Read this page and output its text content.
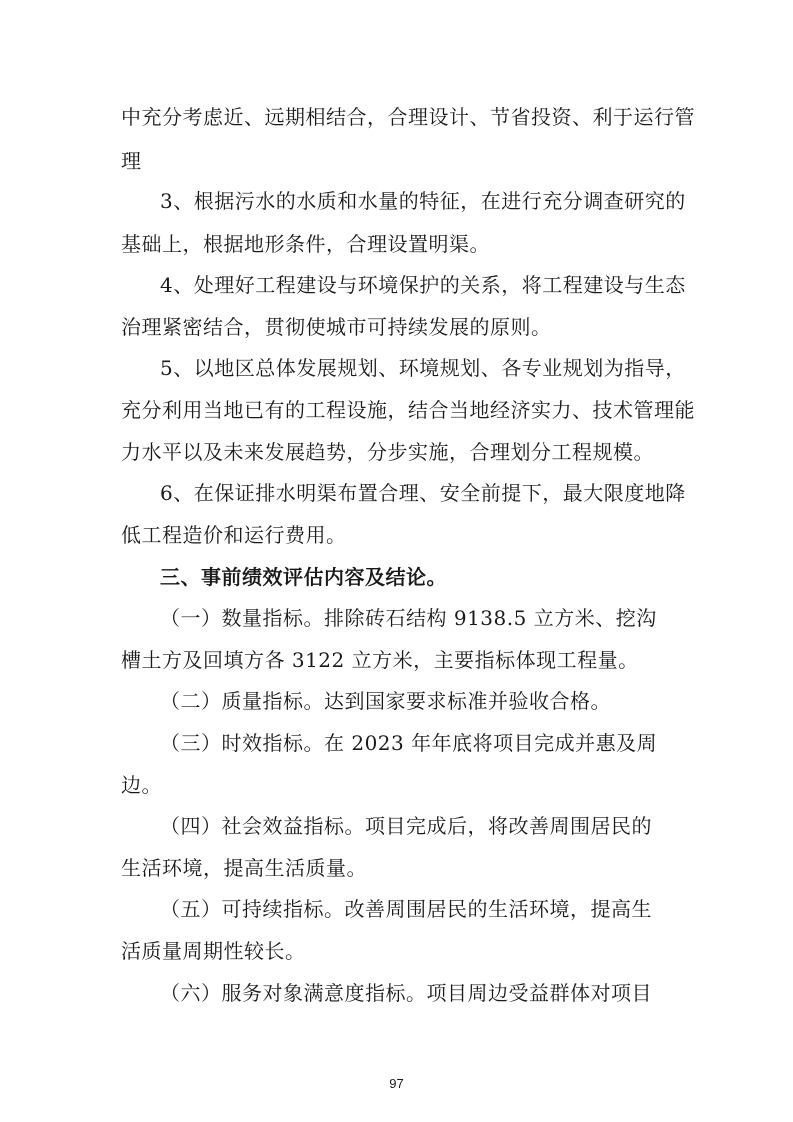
中充分考虑近、远期相结合，合理设计、节省投资、利于运行管
理
3、根据污水的水质和水量的特征，在进行充分调查研究的
基础上，根据地形条件，合理设置明渠。
4、处理好工程建设与环境保护的关系，将工程建设与生态
治理紧密结合，贯彻使城市可持续发展的原则。
5、以地区总体发展规划、环境规划、各专业规划为指导，
充分利用当地已有的工程设施，结合当地经济实力、技术管理能
力水平以及未来发展趋势，分步实施，合理划分工程规模。
6、在保证排水明渠布置合理、安全前提下，最大限度地降
低工程造价和运行费用。
三、事前绩效评估内容及结论。
（一）数量指标。排除砖石结构 9138.5 立方米、挖沟
槽土方及回填方各 3122 立方米，主要指标体现工程量。
（二）质量指标。达到国家要求标准并验收合格。
（三）时效指标。在 2023 年年底将项目完成并惠及周
边。
（四）社会效益指标。项目完成后，将改善周围居民的
生活环境，提高生活质量。
（五）可持续指标。改善周围居民的生活环境，提高生
活质量周期性较长。
（六）服务对象满意度指标。项目周边受益群体对项目
97
